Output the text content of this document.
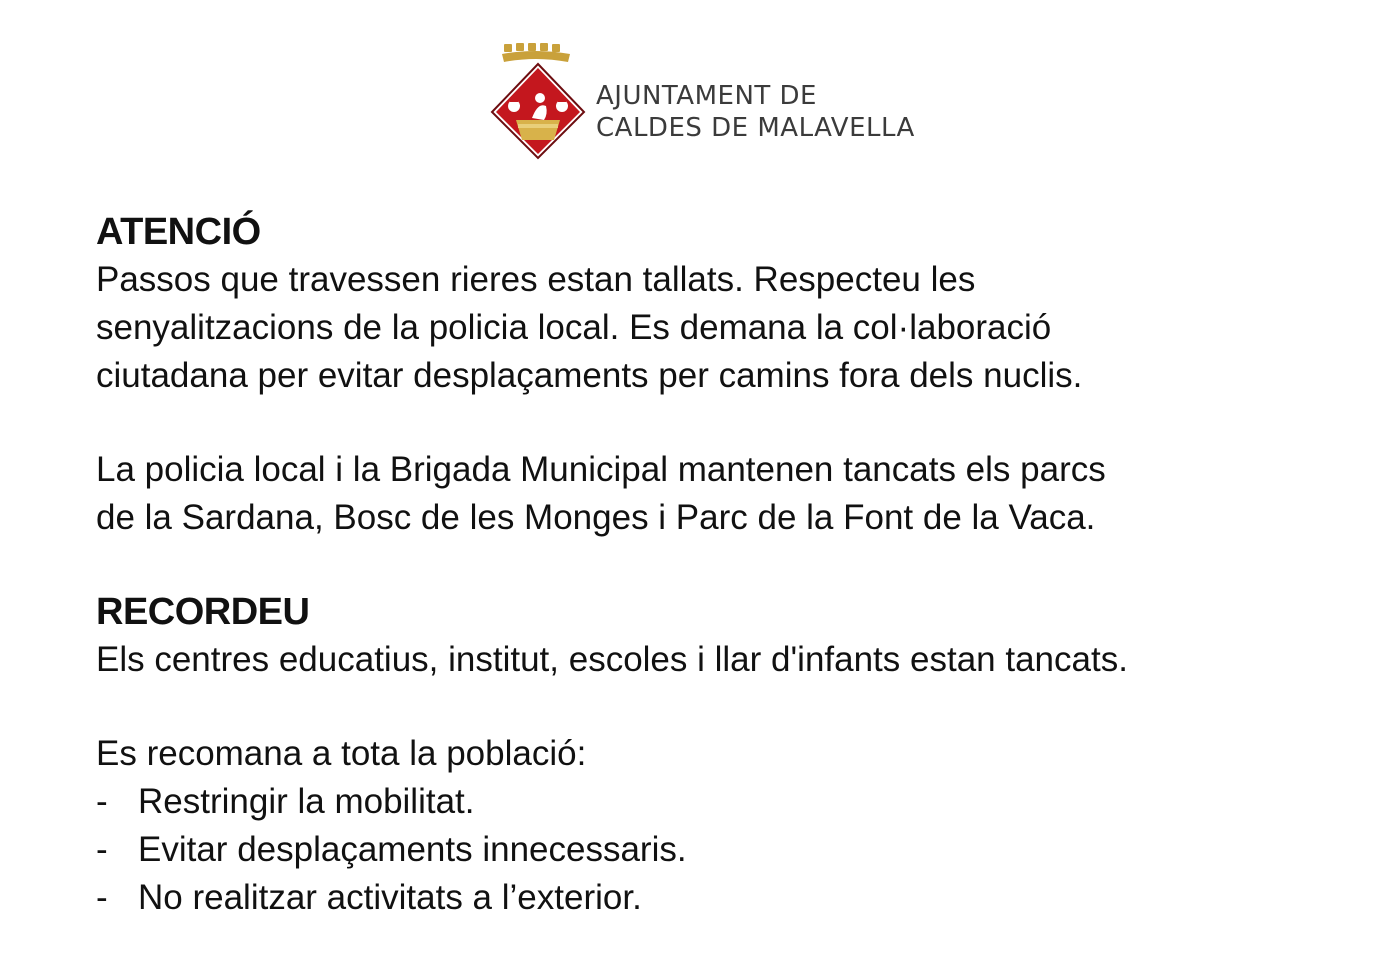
AJUNTAMENT DE
CALDES DE MALAVELLA

ATENCIÓ

Passos que travessen rieres estan tallats. Respecteu les
senyalitzacions de la policia local. Es demana la col·laboració
ciutadana per evitar desplaçaments per camins fora dels nuclis.

La policia local i la Brigada Municipal mantenen tancats els parcs
de la Sardana, Bosc de les Monges i Parc de la Font de la Vaca.

RECORDEU

Els centres educatius, institut, escoles i llar d'infants estan tancats.

Es recomana a tota la població:

- Restringir la mobilitat.
- Evitar desplaçaments innecessaris.
- No realitzar activitats a l’exterior.
